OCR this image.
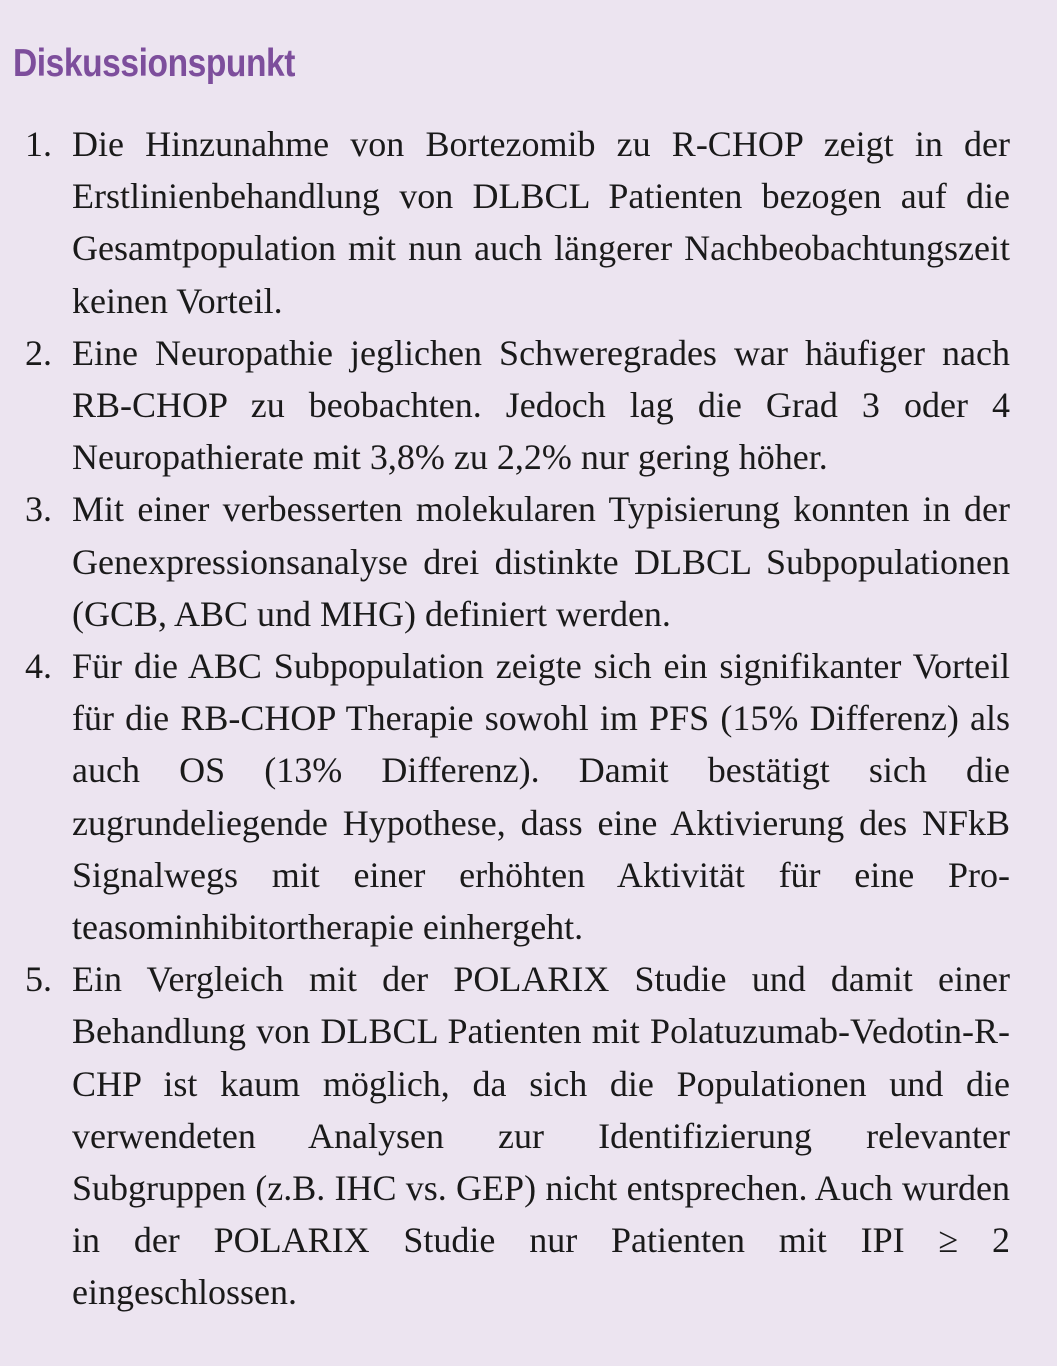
Diskussionspunkt
1. Die Hinzunahme von Bortezomib zu R-CHOP zeigt in der Erstlinienbehandlung von DLBCL Patienten bezogen auf die Gesamtpopulation mit nun auch längerer Nachbeobachtungszeit keinen Vorteil.
2. Eine Neuropathie jeglichen Schweregrades war häufiger nach RB-CHOP zu beobachten. Jedoch lag die Grad 3 oder 4 Neuropathierate mit 3,8% zu 2,2% nur gering höher.
3. Mit einer verbesserten molekularen Typisierung konnten in der Genexpressionsanalyse drei distinkte DLBCL Subpopulationen (GCB, ABC und MHG) definiert werden.
4. Für die ABC Subpopulation zeigte sich ein signifikanter Vorteil für die RB-CHOP Therapie sowohl im PFS (15% Differenz) als auch OS (13% Differenz). Damit bestätigt sich die zugrundeliegende Hypothese, dass eine Aktivierung des NFkB Signalwegs mit einer erhöhten Aktivität für eine Proteasominhibitortherapie einhergeht.
5. Ein Vergleich mit der POLARIX Studie und damit einer Behandlung von DLBCL Patienten mit Polatuzumab-Vedotin-R-CHP ist kaum möglich, da sich die Populationen und die verwendeten Analysen zur Identifizierung relevanter Subgruppen (z.B. IHC vs. GEP) nicht entsprechen. Auch wurden in der POLARIX Studie nur Patienten mit IPI ≥ 2 eingeschlossen.
